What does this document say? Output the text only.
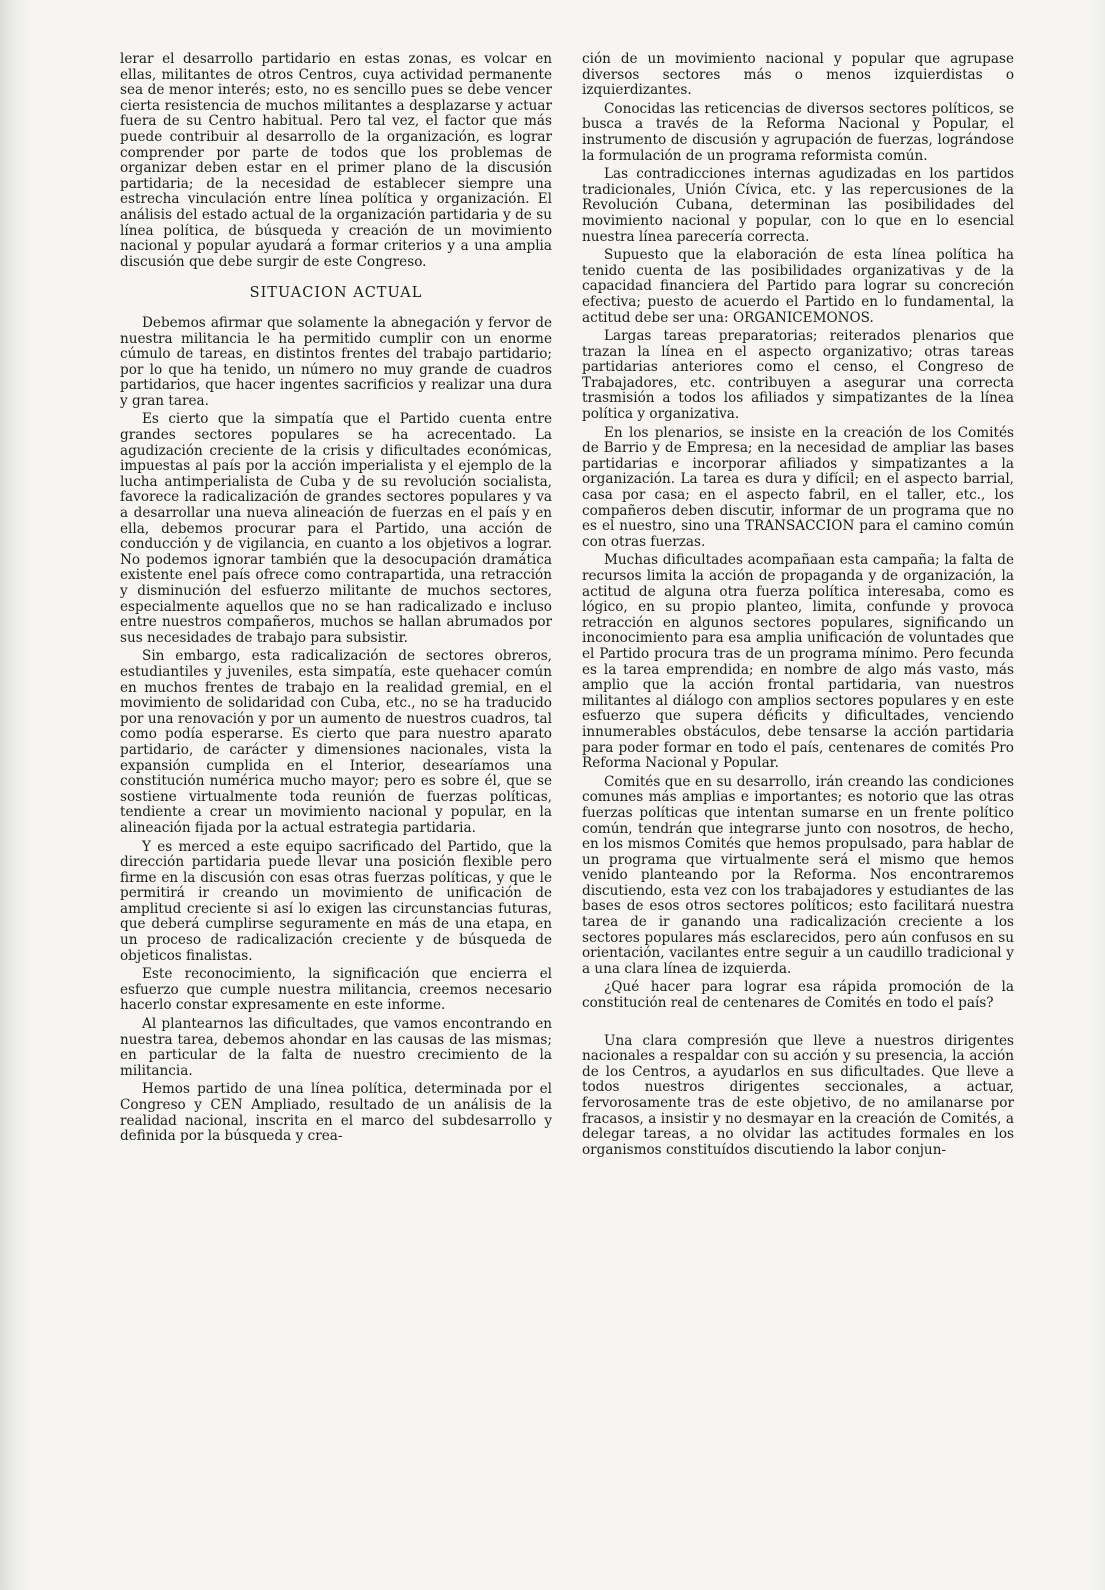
lerar el desarrollo partidario en estas zonas, es volcar en ellas, militantes de otros Centros, cuya actividad permanente sea de menor interés; esto, no es sencillo pues se debe vencer cierta resistencia de muchos militantes a desplazarse y actuar fuera de su Centro habitual. Pero tal vez, el factor que más puede contribuir al desarrollo de la organización, es lograr comprender por parte de todos que los problemas de organizar deben estar en el primer plano de la discusión partidaria; de la necesidad de establecer siempre una estrecha vinculación entre línea política y organización. El análisis del estado actual de la organización partidaria y de su línea política, de búsqueda y creación de un movimiento nacional y popular ayudará a formar criterios y a una amplia discusión que debe surgir de este Congreso.

SITUACION ACTUAL

Debemos afirmar que solamente la abnegación y fervor de nuestra militancia le ha permitido cumplir con un enorme cúmulo de tareas, en distintos frentes del trabajo partidario; por lo que ha tenido, un número no muy grande de cuadros partidarios, que hacer ingentes sacrificios y realizar una dura y gran tarea.

Es cierto que la simpatía que el Partido cuenta entre grandes sectores populares se ha acrecentado. La agudización creciente de la crisis y dificultades económicas, impuestas al país por la acción imperialista y el ejemplo de la lucha antimperialista de Cuba y de su revolución socialista, favorece la radicalización de grandes sectores populares y va a desarrollar una nueva alineación de fuerzas en el país y en ella, debemos procurar para el Partido, una acción de conducción y de vigilancia, en cuanto a los objetivos a lograr. No podemos ignorar también que la desocupación dramática existente enel país ofrece como contrapartida, una retracción y disminución del esfuerzo militante de muchos sectores, especialmente aquellos que no se han radicalizado e incluso entre nuestros compañeros, muchos se hallan abrumados por sus necesidades de trabajo para subsistir.

Sin embargo, esta radicalización de sectores obreros, estudiantiles y juveniles, esta simpatía, este quehacer común en muchos frentes de trabajo en la realidad gremial, en el movimiento de solidaridad con Cuba, etc., no se ha traducido por una renovación y por un aumento de nuestros cuadros, tal como podía esperarse. Es cierto que para nuestro aparato partidario, de carácter y dimensiones nacionales, vista la expansión cumplida en el Interior, desearíamos una constitución numérica mucho mayor; pero es sobre él, que se sostiene virtualmente toda reunión de fuerzas políticas, tendiente a crear un movimiento nacional y popular, en la alineación fijada por la actual estrategia partidaria.

Y es merced a este equipo sacrificado del Partido, que la dirección partidaria puede llevar una posición flexible pero firme en la discusión con esas otras fuerzas políticas, y que le permitirá ir creando un movimiento de unificación de amplitud creciente si así lo exigen las circunstancias futuras, que deberá cumplirse seguramente en más de una etapa, en un proceso de radicalización creciente y de búsqueda de objeticos finalistas.

Este reconocimiento, la significación que encierra el esfuerzo que cumple nuestra militancia, creemos necesario hacerlo constar expresamente en este informe.

Al plantearnos las dificultades, que vamos encontrando en nuestra tarea, debemos ahondar en las causas de las mismas; en particular de la falta de nuestro crecimiento de la militancia.

Hemos partido de una línea política, determinada por el Congreso y CEN Ampliado, resultado de un análisis de la realidad nacional, inscrita en el marco del subdesarrollo y definida por la búsqueda y crea-

ción de un movimiento nacional y popular que agrupase diversos sectores más o menos izquierdistas o izquierdizantes.

Conocidas las reticencias de diversos sectores políticos, se busca a través de la Reforma Nacional y Popular, el instrumento de discusión y agrupación de fuerzas, lográndose la formulación de un programa reformista común.

Las contradicciones internas agudizadas en los partidos tradicionales, Unión Cívica, etc. y las repercusiones de la Revolución Cubana, determinan las posibilidades del movimiento nacional y popular, con lo que en lo esencial nuestra línea parecería correcta.

Supuesto que la elaboración de esta línea política ha tenido cuenta de las posibilidades organizativas y de la capacidad financiera del Partido para lograr su concreción efectiva; puesto de acuerdo el Partido en lo fundamental, la actitud debe ser una: ORGANICEMONOS.

Largas tareas preparatorias; reiterados plenarios que trazan la línea en el aspecto organizativo; otras tareas partidarias anteriores como el censo, el Congreso de Trabajadores, etc. contribuyen a asegurar una correcta trasmisión a todos los afiliados y simpatizantes de la línea política y organizativa.

En los plenarios, se insiste en la creación de los Comités de Barrio y de Empresa; en la necesidad de ampliar las bases partidarias e incorporar afiliados y simpatizantes a la organización. La tarea es dura y difícil; en el aspecto barrial, casa por casa; en el aspecto fabril, en el taller, etc., los compañeros deben discutir, informar de un programa que no es el nuestro, sino una TRANSACCION para el camino común con otras fuerzas.

Muchas dificultades acompañaan esta campaña; la falta de recursos limita la acción de propaganda y de organización, la actitud de alguna otra fuerza política interesaba, como es lógico, en su propio planteo, limita, confunde y provoca retracción en algunos sectores populares, significando un inconocimiento para esa amplia unificación de voluntades que el Partido procura tras de un programa mínimo. Pero fecunda es la tarea emprendida; en nombre de algo más vasto, más amplio que la acción frontal partidaria, van nuestros militantes al diálogo con amplios sectores populares y en este esfuerzo que supera déficits y dificultades, venciendo innumerables obstáculos, debe tensarse la acción partidaria para poder formar en todo el país, centenares de comités Pro Reforma Nacional y Popular.

Comités que en su desarrollo, irán creando las condiciones comunes más amplias e importantes; es notorio que las otras fuerzas políticas que intentan sumarse en un frente político común, tendrán que integrarse junto con nosotros, de hecho, en los mismos Comités que hemos propulsado, para hablar de un programa que virtualmente será el mismo que hemos venido planteando por la Reforma. Nos encontraremos discutiendo, esta vez con los trabajadores y estudiantes de las bases de esos otros sectores políticos; esto facilitará nuestra tarea de ir ganando una radicalización creciente a los sectores populares más esclarecidos, pero aún confusos en su orientación, vacilantes entre seguir a un caudillo tradicional y a una clara línea de izquierda.

¿Qué hacer para lograr esa rápida promoción de la constitución real de centenares de Comités en todo el país?

Una clara compresión que lleve a nuestros dirigentes nacionales a respaldar con su acción y su presencia, la acción de los Centros, a ayudarlos en sus dificultades. Que lleve a todos nuestros dirigentes seccionales, a actuar, fervorosamente tras de este objetivo, de no amilanarse por fracasos, a insistir y no desmayar en la creación de Comités, a delegar tareas, a no olvidar las actitudes formales en los organismos constituídos discutiendo la labor conjun-
